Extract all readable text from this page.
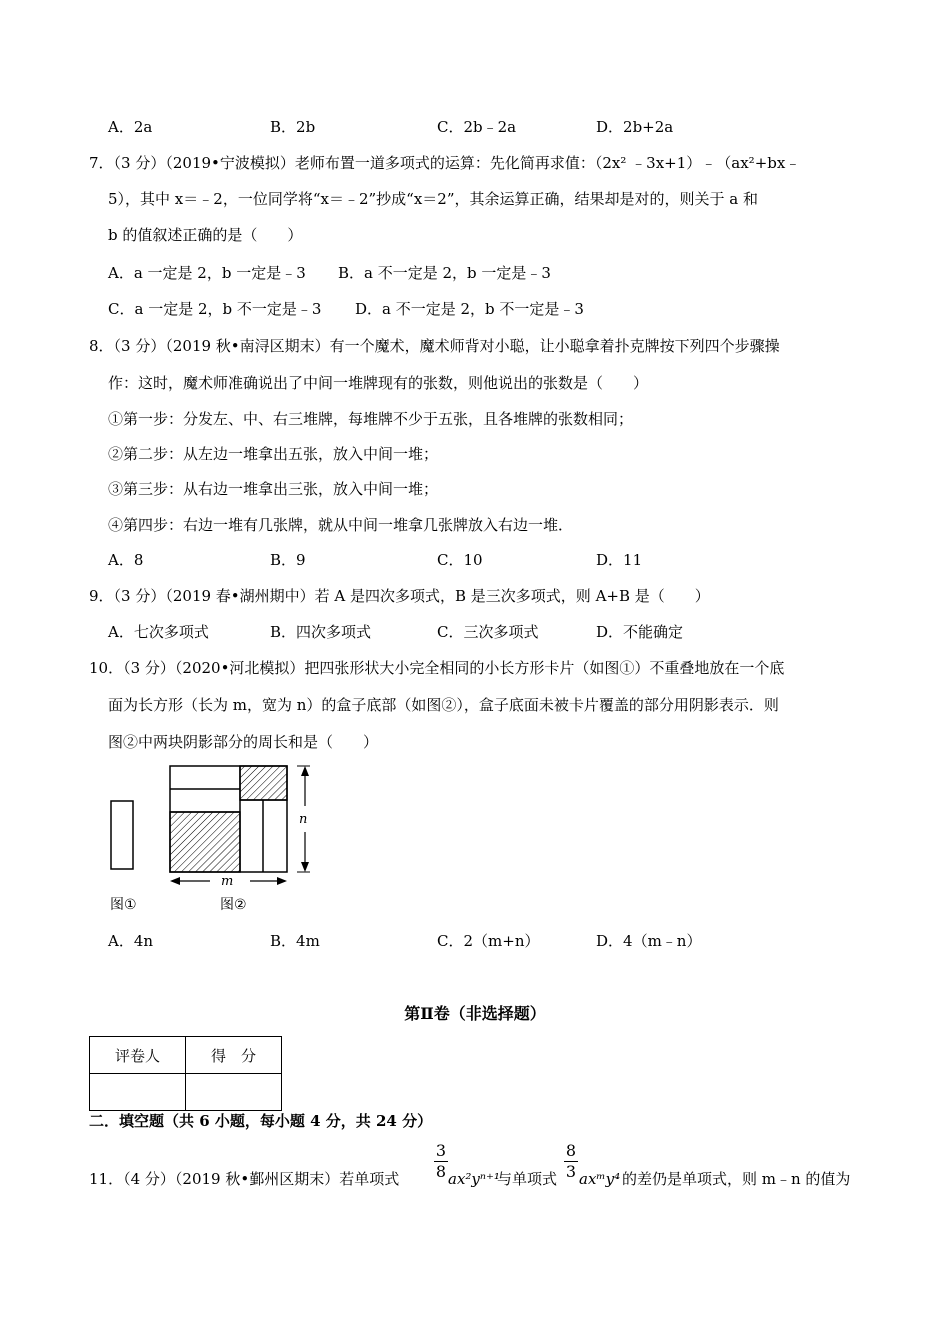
A．2a	B．2b	C．2b﹣2a	D．2b+2a
7．（3 分）（2019•宁波模拟）老师布置一道多项式的运算：先化简再求值：（2x² ﹣3x+1）﹣（ax²+bx﹣
5），其中 x＝﹣2，一位同学将“x＝﹣2”抄成“x＝2”，其余运算正确，结果却是对的，则关于 a 和
b 的值叙述正确的是（　　）
A．a 一定是 2，b 一定是﹣3 B．a 不一定是 2，b 一定是﹣3
C．a 一定是 2，b 不一定是﹣3 D．a 不一定是 2，b 不一定是﹣3
8．（3 分）（2019 秋•南浔区期末）有一个魔术，魔术师背对小聪，让小聪拿着扑克牌按下列四个步骤操
作：这时，魔术师准确说出了中间一堆牌现有的张数，则他说出的张数是（　　）
①第一步：分发左、中、右三堆牌，每堆牌不少于五张，且各堆牌的张数相同；
②第二步：从左边一堆拿出五张，放入中间一堆；
③第三步：从右边一堆拿出三张，放入中间一堆；
④第四步：右边一堆有几张牌，就从中间一堆拿几张牌放入右边一堆．
A．8	B．9	C．10	D．11
9．（3 分）（2019 春•湖州期中）若 A 是四次多项式，B 是三次多项式，则 A+B 是（　　）
A．七次多项式	B．四次多项式	C．三次多项式	D．不能确定
10．（3 分）（2020•河北模拟）把四张形状大小完全相同的小长方形卡片（如图①）不重叠地放在一个底
面为长方形（长为 m，宽为 n）的盒子底部（如图②），盒子底面未被卡片覆盖的部分用阴影表示．则
图②中两块阴影部分的周长和是（　　）
n
m
图①	图②
A．4n	B．4m	C．2（m+n）	D．4（m﹣n）
第Ⅱ卷（非选择题）
评卷人	得　分

二．填空题（共 6 小题，每小题 4 分，共 24 分）
11．（4 分）（2019 秋•鄞州区期末）若单项式 $\frac{3}{8} ax^2y^{n+1}$
与单项式 $\frac{8}{3}$ axᵐy⁴ 的差仍是单项式，则 m﹣n 的值为
